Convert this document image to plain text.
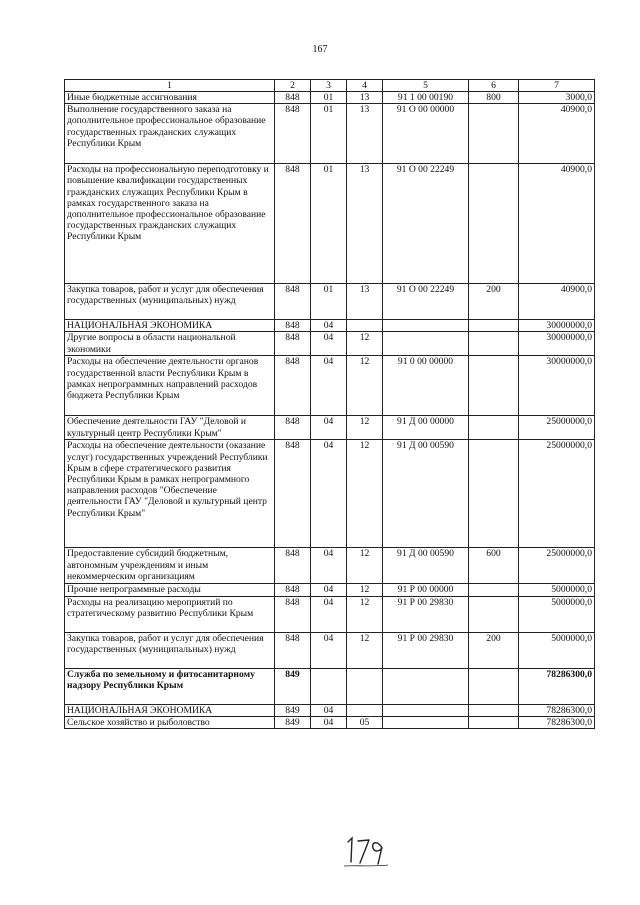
167
1	2	3	4	5	6	7
Иные бюджетные ассигнования	848	01	13	91 1 00 00190	800	3000,0
Выполнение государственного заказа на дополнительное профессиональное образование государственных гражданских служащих Республики Крым	848	01	13	91 О 00 00000		40900,0
Расходы на профессиональную переподготовку и повышение квалификации государственных гражданских служащих Республики Крым в рамках государственного заказа на дополнительное профессиональное образование государственных гражданских служащих Республики Крым	848	01	13	91 О 00 22249		40900,0
Закупка товаров, работ и услуг для обеспечения государственных (муниципальных) нужд	848	01	13	91 О 00 22249	200	40900,0
НАЦИОНАЛЬНАЯ ЭКОНОМИКА	848	04				30000000,0
Другие вопросы в области национальной экономики	848	04	12			30000000,0
Расходы на обеспечение деятельности органов государственной власти Республики Крым в рамках непрограммных направлений расходов бюджета Республики Крым	848	04	12	91 0 00 00000		30000000,0
Обеспечение деятельности ГАУ "Деловой и культурный центр Республики Крым"	848	04	12	91 Д 00 00000		25000000,0
Расходы на обеспечение деятельности (оказание услуг) государственных учреждений Республики Крым в сфере стратегического развития Республики Крым в рамках непрограммного направления расходов "Обеспечение деятельности ГАУ "Деловой и культурный центр Республики Крым"	848	04	12	91 Д 00 00590		25000000,0
Предоставление субсидий бюджетным, автономным учреждениям и иным некоммерческим организациям	848	04	12	91 Д 00 00590	600	25000000,0
Прочие непрограммные расходы	848	04	12	91 Р 00 00000		5000000,0
Расходы на реализацию мероприятий по стратегическому развитию Республики Крым	848	04	12	91 Р 00 29830		5000000,0
Закупка товаров, работ и услуг для обеспечения государственных (муниципальных) нужд	848	04	12	91 Р 00 29830	200	5000000,0
Служба по земельному и фитосанитарному надзору Республики Крым	849					78286300,0
НАЦИОНАЛЬНАЯ ЭКОНОМИКА	849	04				78286300,0
Сельское хозяйство и рыболовство	849	04	05			78286300,0
